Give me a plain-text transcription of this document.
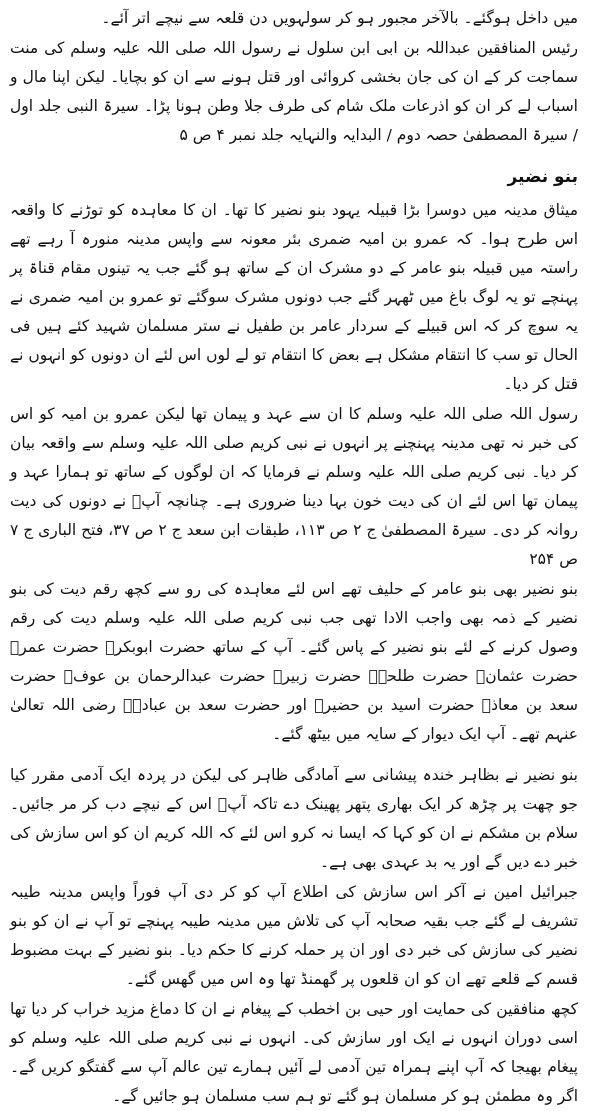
میں داخل ہوگئے۔ بالآخر مجبور ہو کر سولہویں دن قلعہ سے نیچے اتر آئے۔

رئیس المنافقین عبداللہ بن ابی ابن سلول نے رسول اللہ صلی اللہ علیہ وسلم کی منت سماجت کر کے ان کی جان بخشی کروائی اور قتل ہونے سے ان کو بچایا۔ لیکن اپنا مال و اسباب لے کر ان کو اذرعات ملک شام کی طرف جلا وطن ہونا پڑا۔ سیرۃ النبی جلد اول / سیرۃ المصطفیٰ حصہ دوم / البدایہ والنہایہ جلد نمبر ۴ ص ۵

بنو نضیر

میثاق مدینہ میں دوسرا بڑا قبیلہ یہود بنو نضیر کا تھا۔ ان کا معاہدہ کو توڑنے کا واقعہ اس طرح ہوا۔ کہ عمرو بن امیہ ضمری بئر معونہ سے واپس مدینہ منورہ آ رہے تھے راستہ میں قبیلہ بنو عامر کے دو مشرک ان کے ساتھ ہو گئے جب یہ تینوں مقام قناۃ پر پہنچے تو یہ لوگ باغ میں ٹھہر گئے جب دونوں مشرک سوگئے تو عمرو بن امیہ ضمری نے یہ سوچ کر کہ اس قبیلے کے سردار عامر بن طفیل نے ستر مسلمان شہید کئے ہیں فی الحال تو سب کا انتقام مشکل ہے بعض کا انتقام تو لے لوں اس لئے ان دونوں کو انہوں نے قتل کر دیا۔

رسول اللہ صلی اللہ علیہ وسلم کا ان سے عہد و پیمان تھا لیکن عمرو بن امیہ کو اس کی خبر نہ تھی مدینہ پہنچنے پر انہوں نے نبی کریم صلی اللہ علیہ وسلم سے واقعہ بیان کر دیا۔ نبی کریم صلی اللہ علیہ وسلم نے فرمایا کہ ان لوگوں کے ساتھ تو ہمارا عہد و پیمان تھا اس لئے ان کی دیت خون بہا دینا ضروری ہے۔ چنانچہ آپؐ نے دونوں کی دیت روانہ کر دی۔ سیرۃ المصطفیٰ ج ۲ ص ۱۱۳، طبقات ابن سعد ج ۲ ص ۳۷، فتح الباری ج ۷ ص ۲۵۴

بنو نضیر بھی بنو عامر کے حلیف تھے اس لئے معاہدہ کی رو سے کچھ رقم دیت کی بنو نضیر کے ذمہ بھی واجب الادا تھی جب نبی کریم صلی اللہ علیہ وسلم دیت کی رقم وصول کرنے کے لئے بنو نضیر کے پاس گئے۔ آپ کے ساتھ حضرت ابوبکرؓ حضرت عمرؓ حضرت عثمانؓ حضرت طلحہؓ حضرت زبیرؓ حضرت عبدالرحمان بن عوفؓ حضرت سعد بن معاذؓ حضرت اسید بن حضیرؓ اور حضرت سعد بن عبادہؓ رضی اللہ تعالیٰ عنہم تھے۔ آپ ایک دیوار کے سایہ میں بیٹھ گئے۔

بنو نضیر نے بظاہر خندہ پیشانی سے آمادگی ظاہر کی لیکن در پردہ ایک آدمی مقرر کیا جو چھت پر چڑھ کر ایک بھاری پتھر پھینک دے تاکہ آپؐ اس کے نیچے دب کر مر جائیں۔ سلام بن مشکم نے ان کو کہا کہ ایسا نہ کرو اس لئے کہ اللہ کریم ان کو اس سازش کی خبر دے دیں گے اور یہ بد عہدی بھی ہے۔

جبرائیل امین نے آکر اس سازش کی اطلاع آپ کو کر دی آپ فوراً واپس مدینہ طیبہ تشریف لے گئے جب بقیہ صحابہ آپ کی تلاش میں مدینہ طیبہ پہنچے تو آپ نے ان کو بنو نضیر کی سازش کی خبر دی اور ان پر حملہ کرنے کا حکم دیا۔ بنو نضیر کے بہت مضبوط قسم کے قلعے تھے ان کو ان قلعوں پر گھمنڈ تھا وہ اس میں گھس گئے۔

کچھ منافقین کی حمایت اور حیی بن اخطب کے پیغام نے ان کا دماغ مزید خراب کر دیا تھا اسی دوران انہوں نے ایک اور سازش کی۔ انہوں نے نبی کریم صلی اللہ علیہ وسلم کو پیغام بھیجا کہ آپ اپنے ہمراہ تین آدمی لے آئیں ہمارے تین عالم آپ سے گفتگو کریں گے۔ اگر وہ مطمئن ہو کر مسلمان ہو گئے تو ہم سب مسلمان ہو جائیں گے۔
